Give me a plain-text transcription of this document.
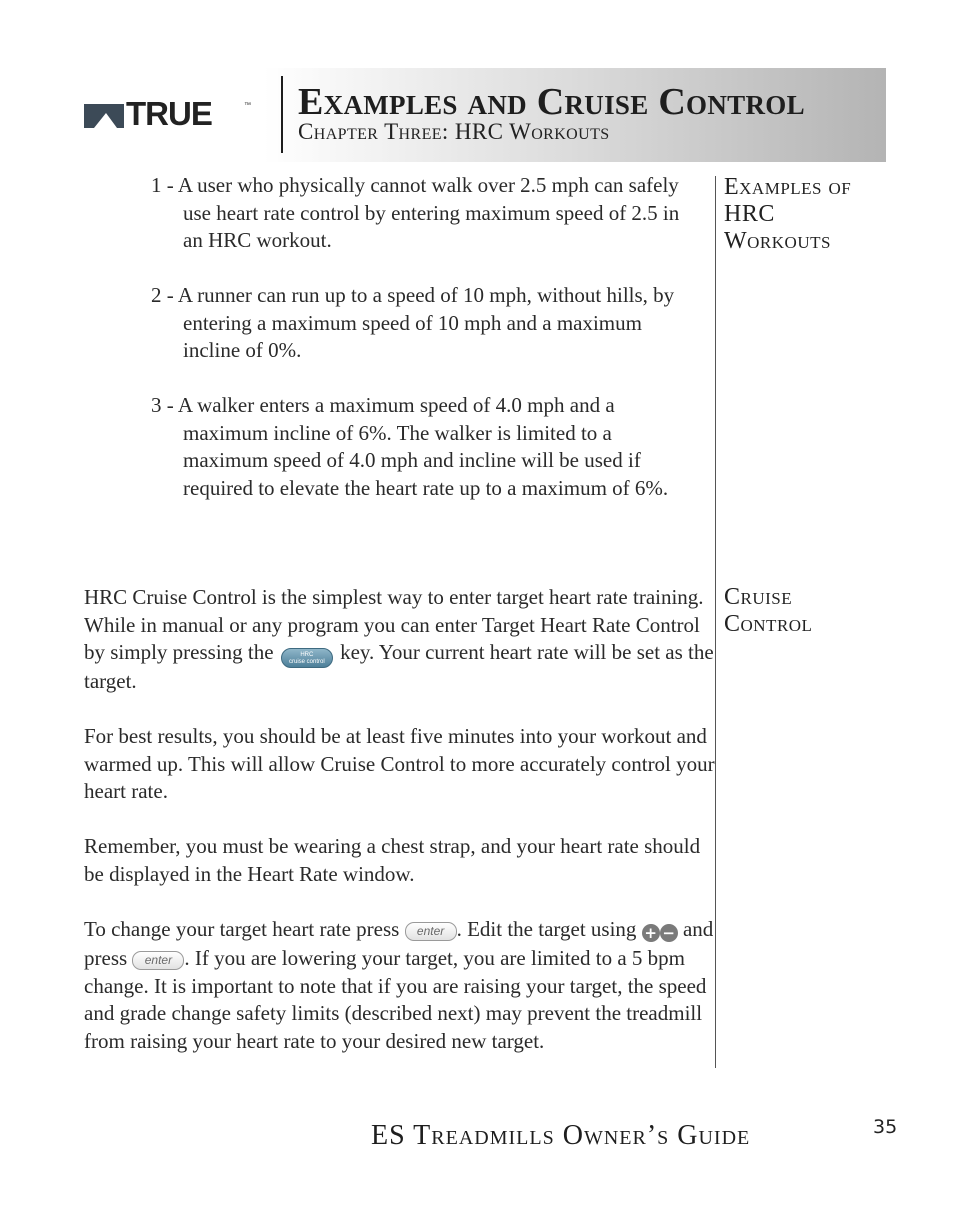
TRUE	™ Examples and Cruise Control
Chapter Three: HRC Workouts
Examples of
HRC
Workouts
Cruise
Control
1 - A user who physically cannot walk over 2.5 mph can safely use heart rate control by entering maximum speed of 2.5 in an HRC workout.
2 - A runner can run up to a speed of 10 mph, without hills, by entering a maximum speed of 10 mph and a maximum incline of 0%.
3 - A walker enters a maximum speed of 4.0 mph and a maximum incline of 6%. The walker is limited to a maximum speed of 4.0 mph and incline will be used if required to elevate the heart rate up to a maximum of 6%.

HRC Cruise Control is the simplest way to enter target heart rate training. While in manual or any program you can enter Target Heart Rate Control by simply pressing the	HRC
cruise control key. Your current heart rate will be set as the target.

For best results, you should be at least five minutes into your workout and warmed up. This will allow Cruise Control to more accurately control your heart rate.

Remember, you must be wearing a chest strap, and your heart rate should be displayed in the Heart Rate window.

To change your target heart rate press enter . Edit the target using + − and press enter . If you are lowering your target, you are limited to a 5 bpm change. It is important to note that if you are raising your target, the speed and grade change safety limits (described next) may prevent the treadmill from raising your heart rate to your desired new target.

ES Treadmills Owner’s Guide	35
